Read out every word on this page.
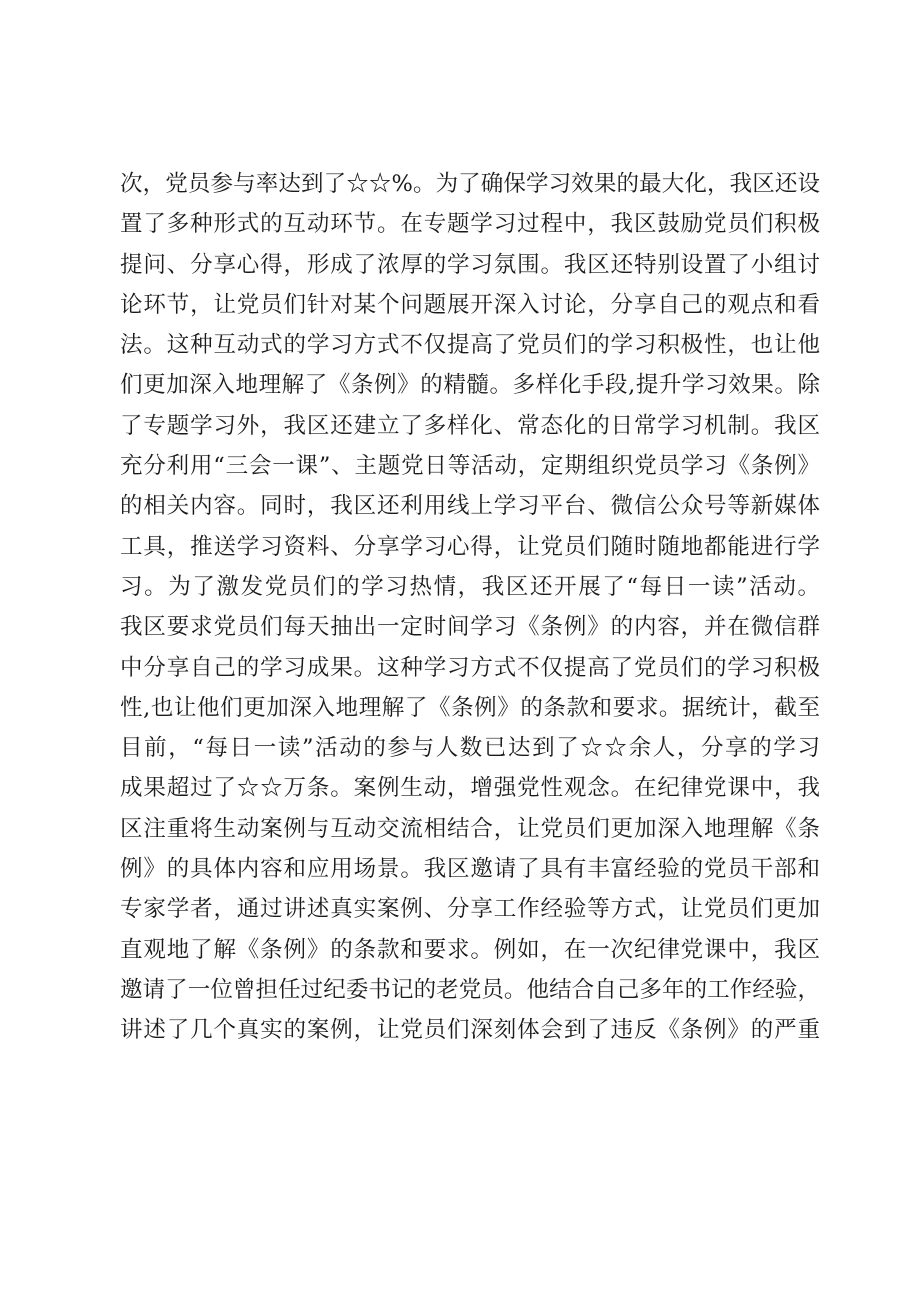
次，党员参与率达到了☆☆%。为了确保学习效果的最大化，我区还设
置了多种形式的互动环节。在专题学习过程中，我区鼓励党员们积极
提问、分享心得，形成了浓厚的学习氛围。我区还特别设置了小组讨
论环节，让党员们针对某个问题展开深入讨论，分享自己的观点和看
法。这种互动式的学习方式不仅提高了党员们的学习积极性，也让他
们更加深入地理解了《条例》的精髓。多样化手段,提升学习效果。除
了专题学习外，我区还建立了多样化、常态化的日常学习机制。我区
充分利用“三会一课”、主题党日等活动，定期组织党员学习《条例》
的相关内容。同时，我区还利用线上学习平台、微信公众号等新媒体
工具，推送学习资料、分享学习心得，让党员们随时随地都能进行学
习。为了激发党员们的学习热情，我区还开展了“每日一读”活动。
我区要求党员们每天抽出一定时间学习《条例》的内容，并在微信群
中分享自己的学习成果。这种学习方式不仅提高了党员们的学习积极
性,也让他们更加深入地理解了《条例》的条款和要求。据统计，截至
目前，“每日一读”活动的参与人数已达到了☆☆余人，分享的学习
成果超过了☆☆万条。案例生动，增强党性观念。在纪律党课中，我
区注重将生动案例与互动交流相结合，让党员们更加深入地理解《条
例》的具体内容和应用场景。我区邀请了具有丰富经验的党员干部和
专家学者，通过讲述真实案例、分享工作经验等方式，让党员们更加
直观地了解《条例》的条款和要求。例如，在一次纪律党课中，我区
邀请了一位曾担任过纪委书记的老党员。他结合自己多年的工作经验，
讲述了几个真实的案例，让党员们深刻体会到了违反《条例》的严重
